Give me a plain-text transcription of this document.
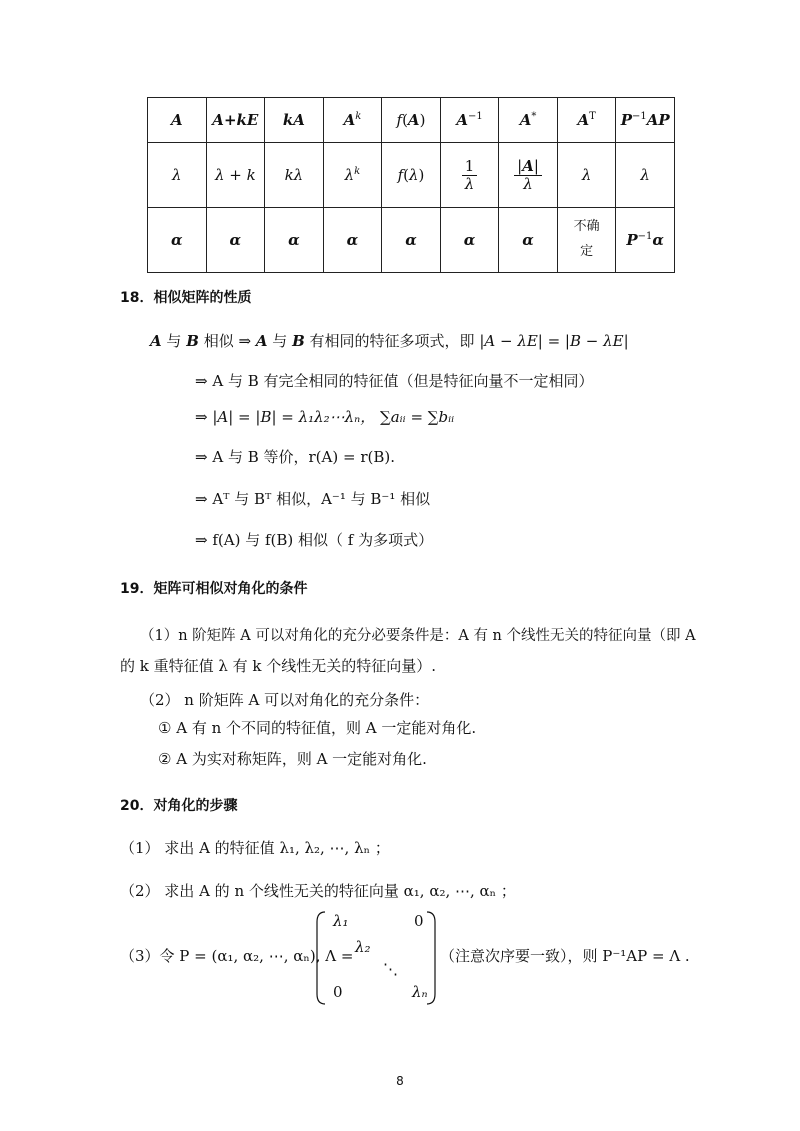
A	A+kE	kA	$A^k$	f(A)	$A^{-1}$	A*	$A^T$	$P^{-1}AP$
λ	λ + k	kλ	$\lambda^k$	f(λ)	$\frac{1}{\lambda}$	$\frac{|A|}{\lambda}$	λ	λ
α	α	α	α	α	α	α	不确定	$P^{-1}\alpha$
18．相似矩阵的性质
A 与 B 相似 ⇒ A 与 B 有相同的特征多项式，即 |A − λE| = |B − λE|
⇒ A 与 B 有完全相同的特征值（但是特征向量不一定相同）
⇒ |A| = |B| = λ₁λ₂⋯λₙ， ∑aᵢᵢ = ∑bᵢᵢ
⇒ A 与 B 等价，r(A) = r(B).
⇒ Aᵀ 与 Bᵀ 相似，A⁻¹ 与 B⁻¹ 相似
⇒ f(A) 与 f(B) 相似（ f 为多项式）
19．矩阵可相似对角化的条件
（1）n 阶矩阵 A 可以对角化的充分必要条件是：A 有 n 个线性无关的特征向量（即 A
的 k 重特征值 λ 有 k 个线性无关的特征向量）.
（2） n 阶矩阵 A 可以对角化的充分条件：
① A 有 n 个不同的特征值，则 A 一定能对角化.
② A 为实对称矩阵，则 A 一定能对角化.
20．对角化的步骤
（1） 求出 A 的特征值 λ₁, λ₂, ⋯, λₙ ；
（2） 求出 A 的 n 个线性无关的特征向量 α₁, α₂, ⋯, αₙ ；
（3）令 P = (α₁, α₂, ⋯, αₙ), Λ =
λ₁	0
λ₂
⋱
0	λₙ
（注意次序要一致），则 P⁻¹AP = Λ .
8
